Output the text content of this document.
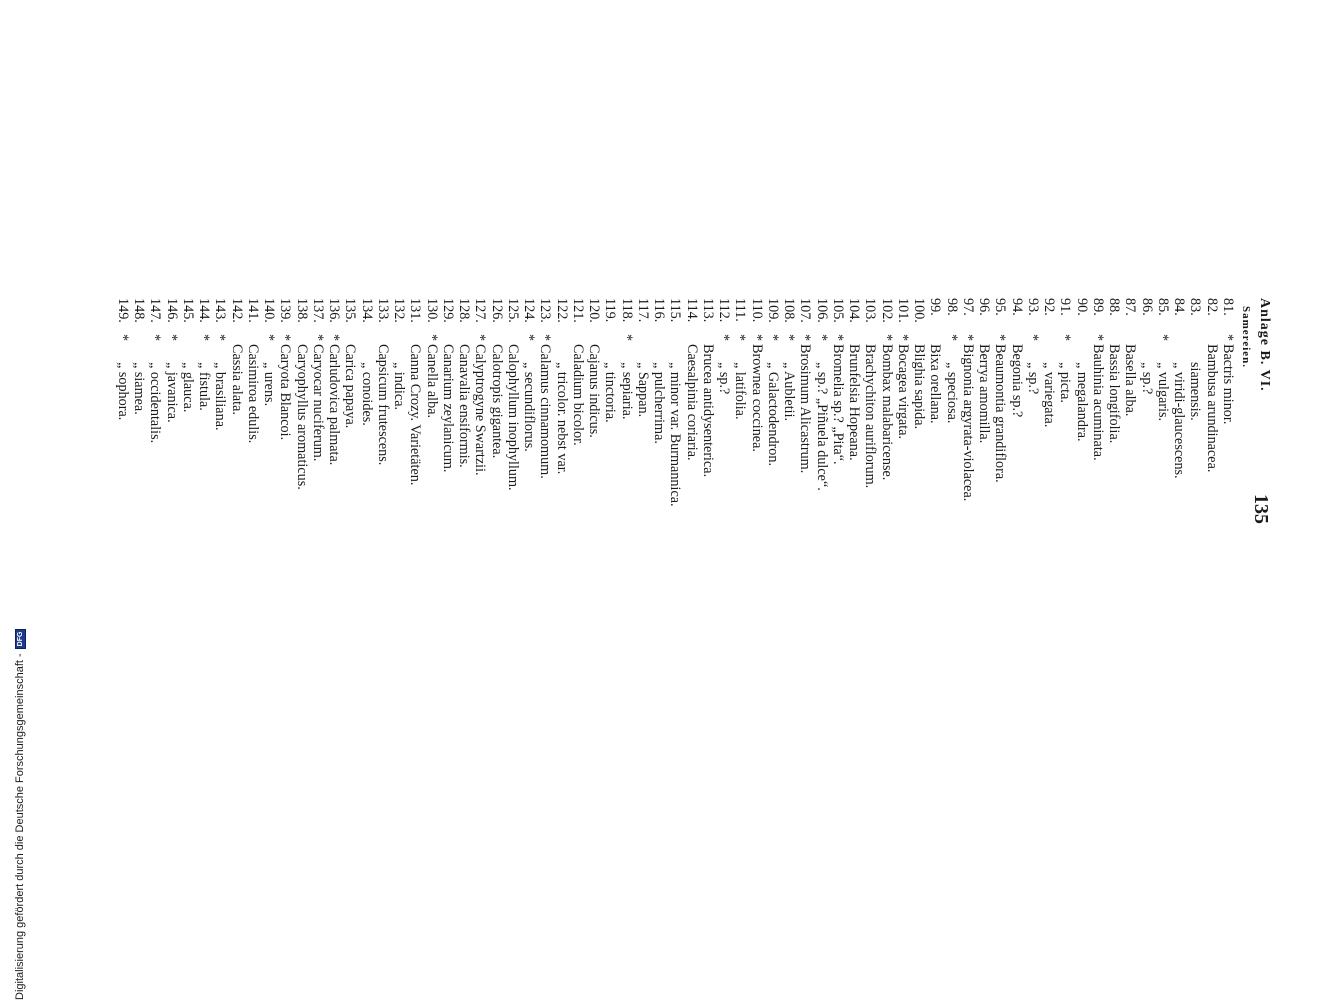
Anlage B. VI.
Samereien.
135
81.
*
Bactris minor.
82.
Bambusa arundinacea.
83.
siamensis.
84.
„ viridi-glaucescens.
85.
*
„ vulgaris.
86.
„ sp.?
87.
Basella alba.
88.
Bassia longifolia.
89.
*
Bauhinia acuminata.
90.
„ megalandra.
91.
*
„ picta.
92.
„ variegata.
93.
*
„ sp.?
94.
Begonia sp.?
95.
*
Beaumontia grandiflora.
96.
Berrya amomilla.
97.
*
Bignonia argyrata-violacea.
98.
*
„ speciosa.
99.
Bixa orellana.
100.
Blighia sapida.
101.
*
Bocagea virgata.
102.
*
Bombax malabaricense.
103.
Brachychiton auriflorum.
104.
Brunfelsia Hopeana.
105.
*
Bromelia sp.? „Pita“.
106.
*
„ sp.? „Piñuela dulce“.
107.
*
Brosimum Alicastrum.
108.
*
„ Aubletii.
109.
*
„ Galactodendron.
110.
*
Brownea coccinea.
111.
*
„ latifolia.
112.
*
„ sp.?
113.
Brucea antidysenterica.
114.
Caesalpinia coriaria.
115.
„ minor var. Burmannica.
116.
„ pulcherrima.
117.
„ Sappan.
118.
*
„ sepiaria.
119.
„ tinctoria.
120.
Cajanus indicus.
121.
Caladium bicolor.
122.
„ tricolor. nebst var.
123.
*
Calamus cinnamomum.
124.
*
„ secundiflorus.
125.
Calophyllum inophyllum.
126.
Calotropis gigantea.
127.
*
Calyptrogyne Swartzii.
128.
Canavalia ensiformis.
129.
Canarium zeylanicum.
130.
*
Canella alba.
131.
Canna Crozy. Varietäten.
132.
„ indica.
133.
Capsicum frutescens.
134.
„ conoides.
135.
Carica papaya.
136.
*
Carludovica palmata.
137.
*
Caryocar nuciferum.
138.
Caryophyllus aromaticus.
139.
*
Caryota Blancoi.
140.
*
„ urens.
141.
Casimiroa edulis.
142.
Cassia alata.
143.
*
„ brasiliana.
144.
*
„ fistula.
145.
„ glauca.
146.
*
„ javanica.
147.
*
„ occidentalis.
148.
„ siamea.
149.
*
„ sophora.
Digitalisierung gefördert durch die Deutsche Forschungsgemeinschaft -
DFG
